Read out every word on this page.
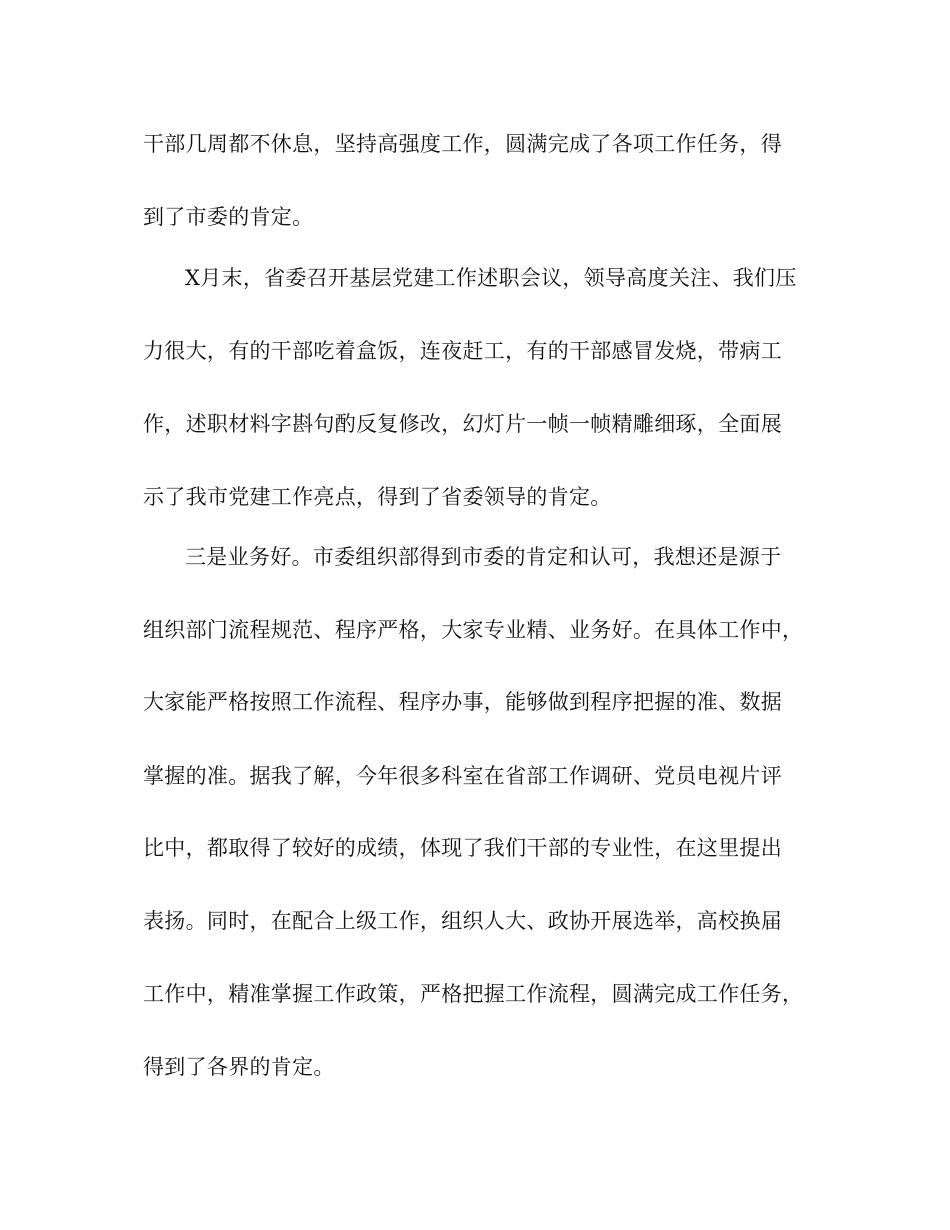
干部几周都不休息，坚持高强度工作，圆满完成了各项工作任务，得
到了市委的肯定。
X月末，省委召开基层党建工作述职会议，领导高度关注、我们压
力很大，有的干部吃着盒饭，连夜赶工，有的干部感冒发烧，带病工
作，述职材料字斟句酌反复修改，幻灯片一帧一帧精雕细琢，全面展
示了我市党建工作亮点，得到了省委领导的肯定。
三是业务好。市委组织部得到市委的肯定和认可，我想还是源于
组织部门流程规范、程序严格，大家专业精、业务好。在具体工作中，
大家能严格按照工作流程、程序办事，能够做到程序把握的准、数据
掌握的准。据我了解，今年很多科室在省部工作调研、党员电视片评
比中，都取得了较好的成绩，体现了我们干部的专业性，在这里提出
表扬。同时，在配合上级工作，组织人大、政协开展选举，高校换届
工作中，精准掌握工作政策，严格把握工作流程，圆满完成工作任务，
得到了各界的肯定。
